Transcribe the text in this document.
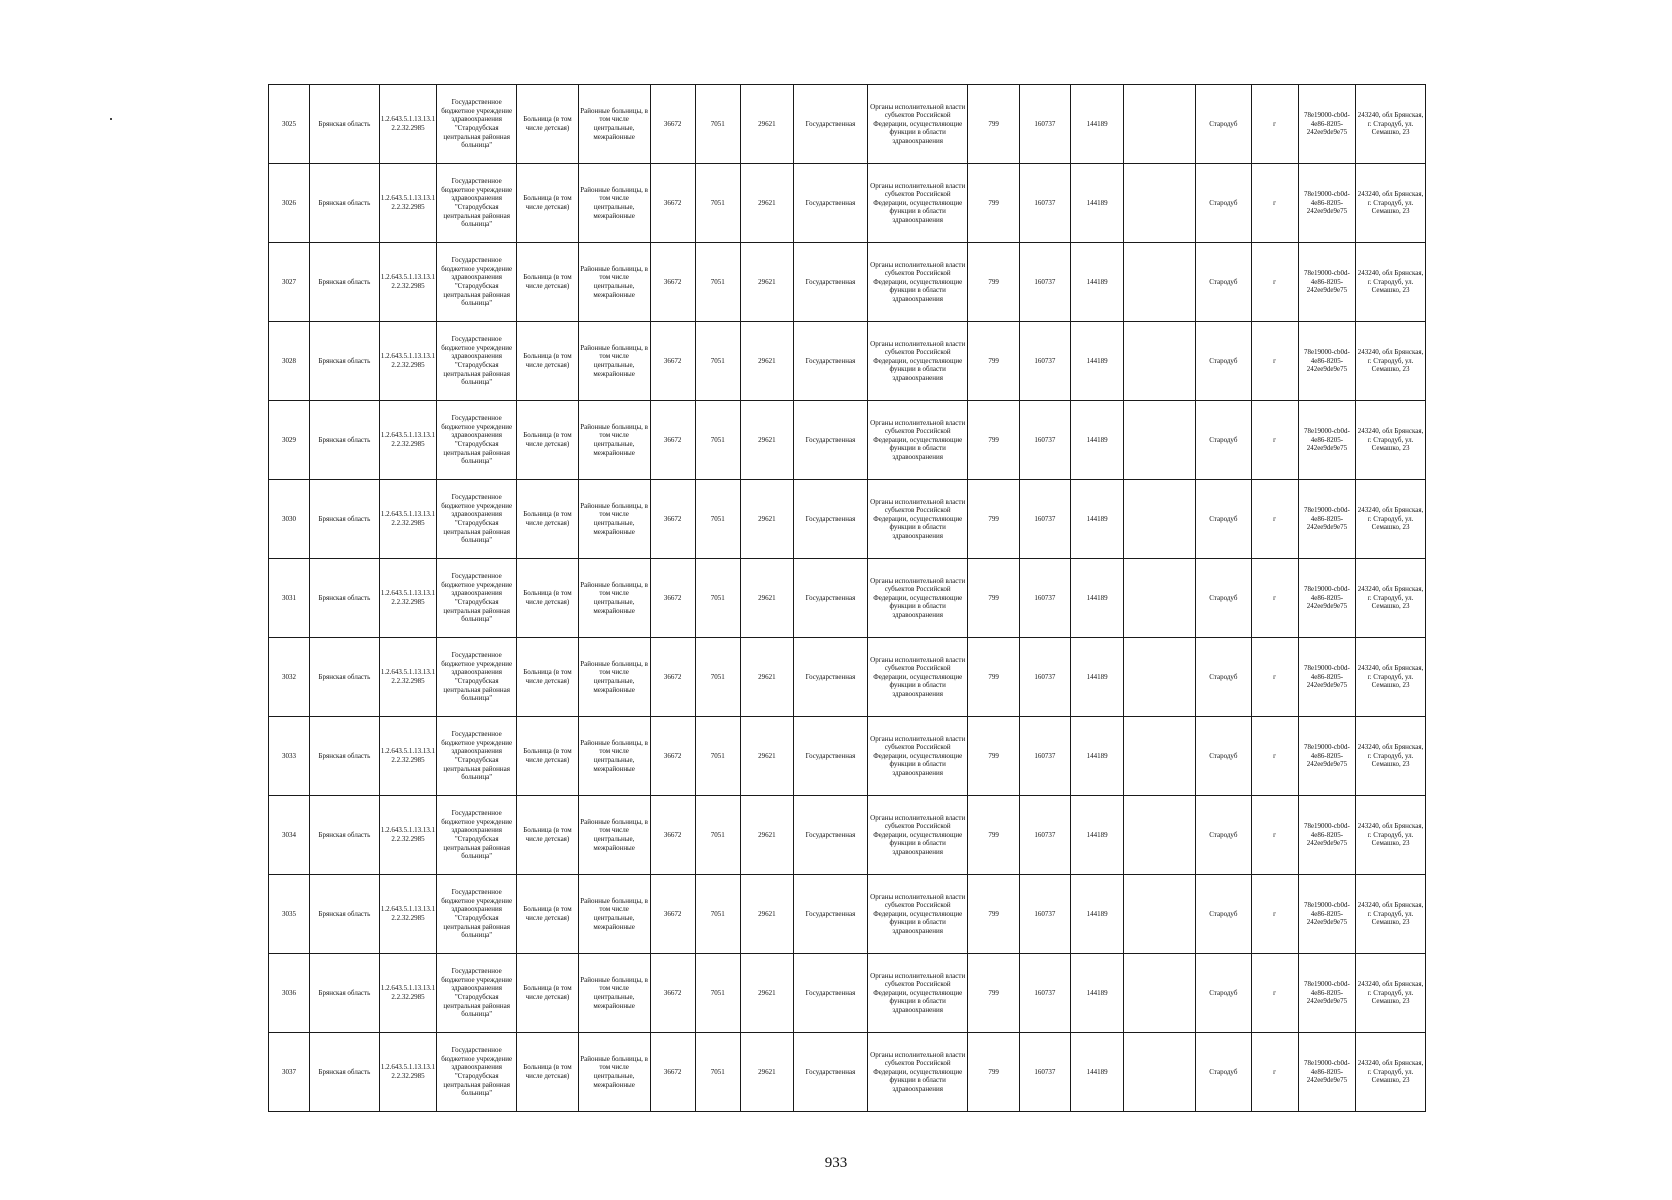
3025	Брянская область	1.2.643.5.1.13.13.12.2.32.2985	Государственное бюджетное учреждение здравоохранения "Стародубская центральная районная больница"	Больница (в том числе детская)	Районные больницы, в том числе центральные, межрайонные	36672	7051	29621	Государственная	Органы исполнительной власти субъектов Российской Федерации, осуществляющие функции в области здравоохранения	799	160737	144189		Стародуб	г	78e19000-cb0d-4e86-8205-242ee9de9e75	243240, обл Брянская, г. Стародуб, ул. Семашко, 23
3026	Брянская область	1.2.643.5.1.13.13.12.2.32.2985	Государственное бюджетное учреждение здравоохранения "Стародубская центральная районная больница"	Больница (в том числе детская)	Районные больницы, в том числе центральные, межрайонные	36672	7051	29621	Государственная	Органы исполнительной власти субъектов Российской Федерации, осуществляющие функции в области здравоохранения	799	160737	144189		Стародуб	г	78e19000-cb0d-4e86-8205-242ee9de9e75	243240, обл Брянская, г. Стародуб, ул. Семашко, 23
3027	Брянская область	1.2.643.5.1.13.13.12.2.32.2985	Государственное бюджетное учреждение здравоохранения "Стародубская центральная районная больница"	Больница (в том числе детская)	Районные больницы, в том числе центральные, межрайонные	36672	7051	29621	Государственная	Органы исполнительной власти субъектов Российской Федерации, осуществляющие функции в области здравоохранения	799	160737	144189		Стародуб	г	78e19000-cb0d-4e86-8205-242ee9de9e75	243240, обл Брянская, г. Стародуб, ул. Семашко, 23
3028	Брянская область	1.2.643.5.1.13.13.12.2.32.2985	Государственное бюджетное учреждение здравоохранения "Стародубская центральная районная больница"	Больница (в том числе детская)	Районные больницы, в том числе центральные, межрайонные	36672	7051	29621	Государственная	Органы исполнительной власти субъектов Российской Федерации, осуществляющие функции в области здравоохранения	799	160737	144189		Стародуб	г	78e19000-cb0d-4e86-8205-242ee9de9e75	243240, обл Брянская, г. Стародуб, ул. Семашко, 23
3029	Брянская область	1.2.643.5.1.13.13.12.2.32.2985	Государственное бюджетное учреждение здравоохранения "Стародубская центральная районная больница"	Больница (в том числе детская)	Районные больницы, в том числе центральные, межрайонные	36672	7051	29621	Государственная	Органы исполнительной власти субъектов Российской Федерации, осуществляющие функции в области здравоохранения	799	160737	144189		Стародуб	г	78e19000-cb0d-4e86-8205-242ee9de9e75	243240, обл Брянская, г. Стародуб, ул. Семашко, 23
3030	Брянская область	1.2.643.5.1.13.13.12.2.32.2985	Государственное бюджетное учреждение здравоохранения "Стародубская центральная районная больница"	Больница (в том числе детская)	Районные больницы, в том числе центральные, межрайонные	36672	7051	29621	Государственная	Органы исполнительной власти субъектов Российской Федерации, осуществляющие функции в области здравоохранения	799	160737	144189		Стародуб	г	78e19000-cb0d-4e86-8205-242ee9de9e75	243240, обл Брянская, г. Стародуб, ул. Семашко, 23
3031	Брянская область	1.2.643.5.1.13.13.12.2.32.2985	Государственное бюджетное учреждение здравоохранения "Стародубская центральная районная больница"	Больница (в том числе детская)	Районные больницы, в том числе центральные, межрайонные	36672	7051	29621	Государственная	Органы исполнительной власти субъектов Российской Федерации, осуществляющие функции в области здравоохранения	799	160737	144189		Стародуб	г	78e19000-cb0d-4e86-8205-242ee9de9e75	243240, обл Брянская, г. Стародуб, ул. Семашко, 23
3032	Брянская область	1.2.643.5.1.13.13.12.2.32.2985	Государственное бюджетное учреждение здравоохранения "Стародубская центральная районная больница"	Больница (в том числе детская)	Районные больницы, в том числе центральные, межрайонные	36672	7051	29621	Государственная	Органы исполнительной власти субъектов Российской Федерации, осуществляющие функции в области здравоохранения	799	160737	144189		Стародуб	г	78e19000-cb0d-4e86-8205-242ee9de9e75	243240, обл Брянская, г. Стародуб, ул. Семашко, 23
3033	Брянская область	1.2.643.5.1.13.13.12.2.32.2985	Государственное бюджетное учреждение здравоохранения "Стародубская центральная районная больница"	Больница (в том числе детская)	Районные больницы, в том числе центральные, межрайонные	36672	7051	29621	Государственная	Органы исполнительной власти субъектов Российской Федерации, осуществляющие функции в области здравоохранения	799	160737	144189		Стародуб	г	78e19000-cb0d-4e86-8205-242ee9de9e75	243240, обл Брянская, г. Стародуб, ул. Семашко, 23
3034	Брянская область	1.2.643.5.1.13.13.12.2.32.2985	Государственное бюджетное учреждение здравоохранения "Стародубская центральная районная больница"	Больница (в том числе детская)	Районные больницы, в том числе центральные, межрайонные	36672	7051	29621	Государственная	Органы исполнительной власти субъектов Российской Федерации, осуществляющие функции в области здравоохранения	799	160737	144189		Стародуб	г	78e19000-cb0d-4e86-8205-242ee9de9e75	243240, обл Брянская, г. Стародуб, ул. Семашко, 23
3035	Брянская область	1.2.643.5.1.13.13.12.2.32.2985	Государственное бюджетное учреждение здравоохранения "Стародубская центральная районная больница"	Больница (в том числе детская)	Районные больницы, в том числе центральные, межрайонные	36672	7051	29621	Государственная	Органы исполнительной власти субъектов Российской Федерации, осуществляющие функции в области здравоохранения	799	160737	144189		Стародуб	г	78e19000-cb0d-4e86-8205-242ee9de9e75	243240, обл Брянская, г. Стародуб, ул. Семашко, 23
3036	Брянская область	1.2.643.5.1.13.13.12.2.32.2985	Государственное бюджетное учреждение здравоохранения "Стародубская центральная районная больница"	Больница (в том числе детская)	Районные больницы, в том числе центральные, межрайонные	36672	7051	29621	Государственная	Органы исполнительной власти субъектов Российской Федерации, осуществляющие функции в области здравоохранения	799	160737	144189		Стародуб	г	78e19000-cb0d-4e86-8205-242ee9de9e75	243240, обл Брянская, г. Стародуб, ул. Семашко, 23
3037	Брянская область	1.2.643.5.1.13.13.12.2.32.2985	Государственное бюджетное учреждение здравоохранения "Стародубская центральная районная больница"	Больница (в том числе детская)	Районные больницы, в том числе центральные, межрайонные	36672	7051	29621	Государственная	Органы исполнительной власти субъектов Российской Федерации, осуществляющие функции в области здравоохранения	799	160737	144189		Стародуб	г	78e19000-cb0d-4e86-8205-242ee9de9e75	243240, обл Брянская, г. Стародуб, ул. Семашко, 23
933
